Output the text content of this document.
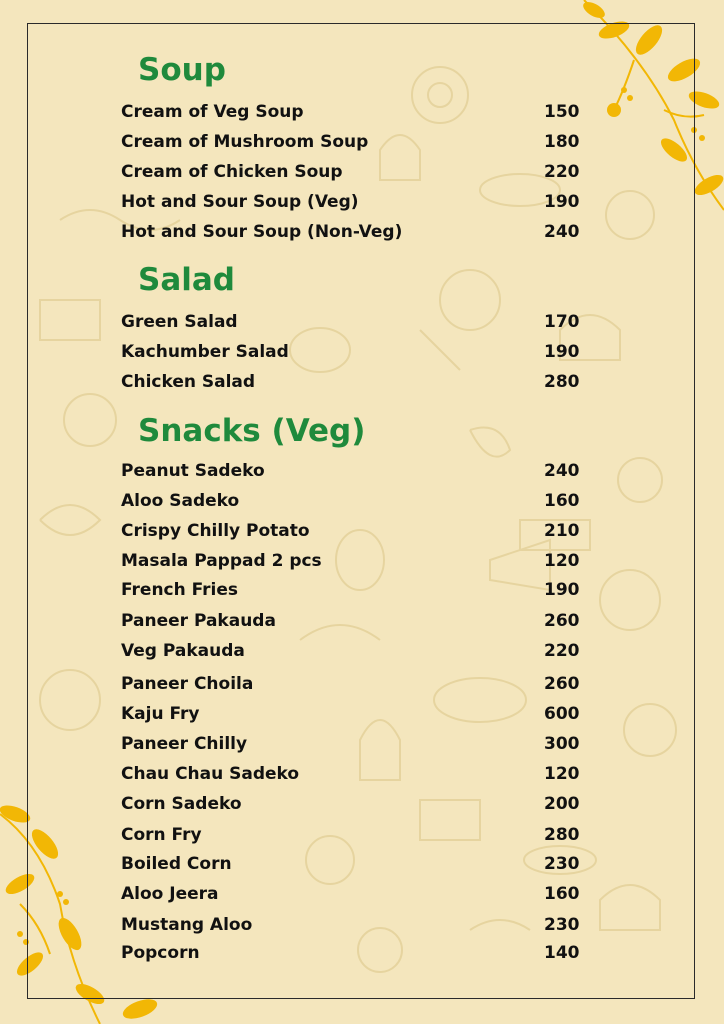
Soup
Cream of Veg Soup	150
Cream of Mushroom Soup	180
Cream of Chicken Soup	220
Hot and Sour Soup (Veg)	190
Hot and Sour Soup (Non-Veg)	240
Salad
Green Salad	170
Kachumber Salad	190
Chicken Salad	280
Snacks (Veg)
Peanut Sadeko	240
Aloo Sadeko	160
Crispy Chilly Potato	210
Masala Pappad 2 pcs	120
French Fries	190
Paneer Pakauda	260
Veg Pakauda	220
Paneer Choila	260
Kaju Fry	600
Paneer Chilly	300
Chau Chau Sadeko	120
Corn Sadeko	200
Corn Fry	280
Boiled Corn	230
Aloo Jeera	160
Mustang Aloo	230
Popcorn	140
